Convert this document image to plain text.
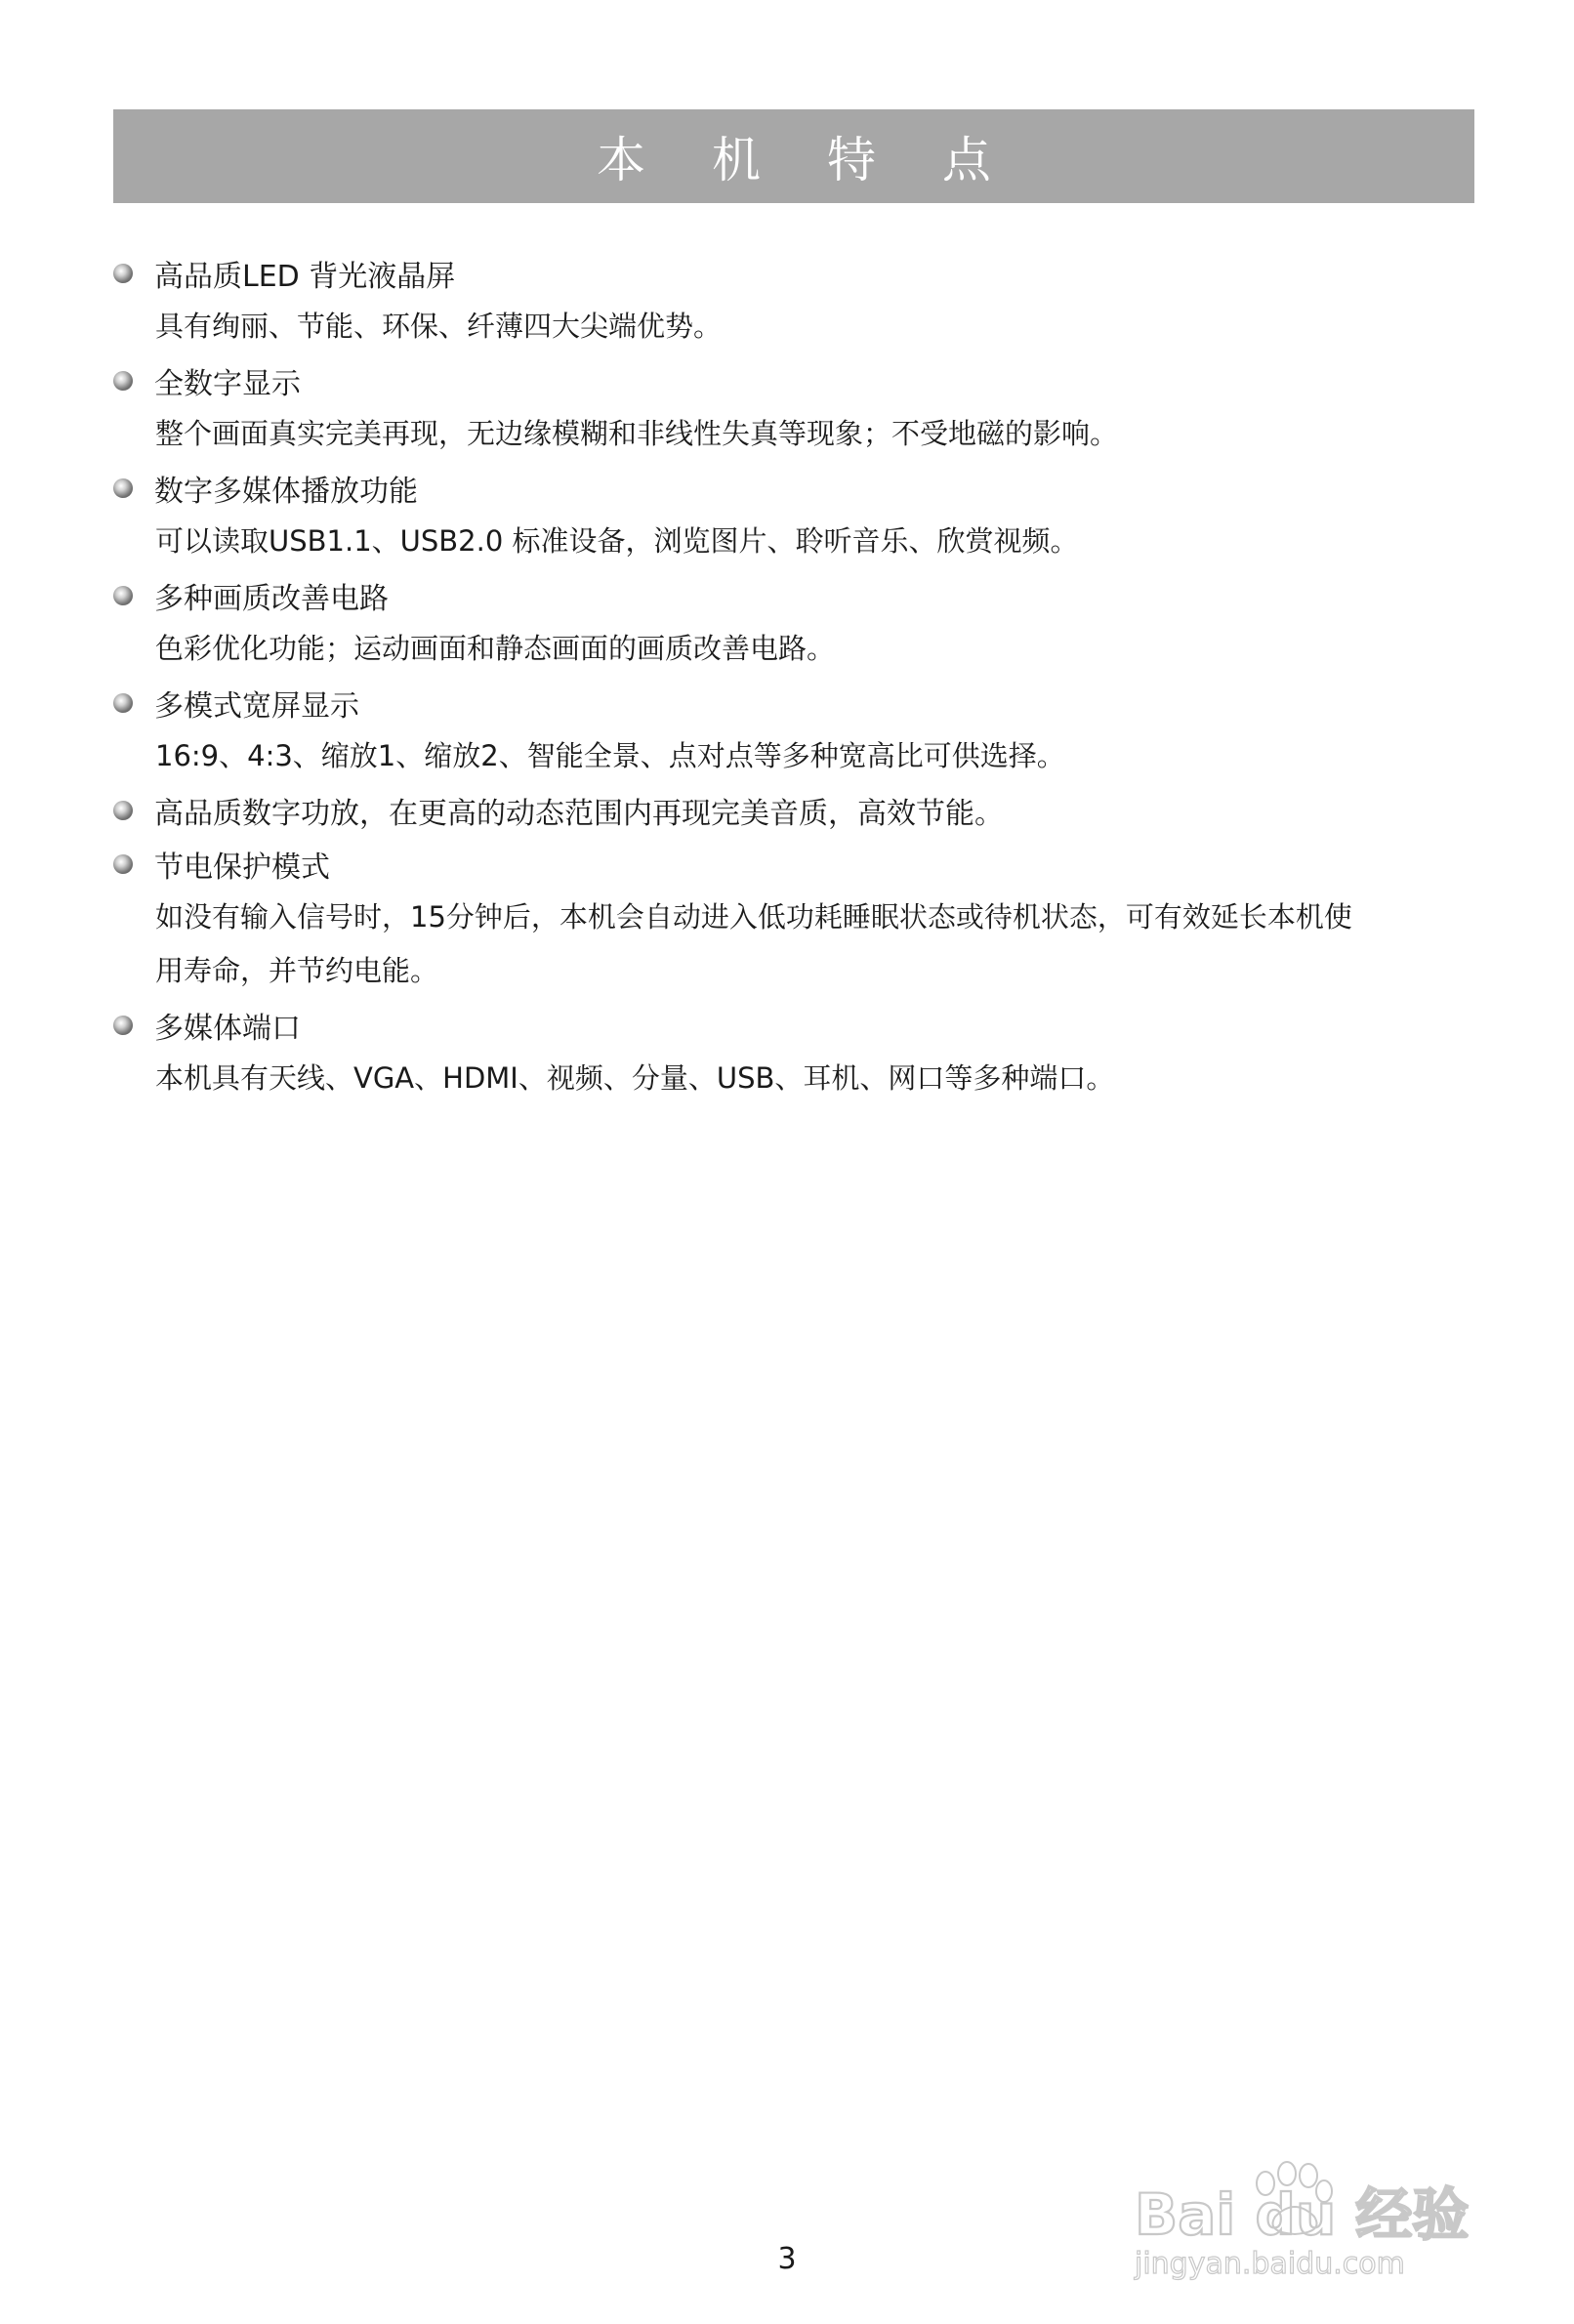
本 机 特 点
高品质LED 背光液晶屏
具有绚丽、节能、环保、纤薄四大尖端优势。
全数字显示
整个画面真实完美再现，无边缘模糊和非线性失真等现象；不受地磁的影响。
数字多媒体播放功能
可以读取USB1.1、USB2.0 标准设备，浏览图片、聆听音乐、欣赏视频。
多种画质改善电路
色彩优化功能；运动画面和静态画面的画质改善电路。
多模式宽屏显示
16:9、4:3、缩放1、缩放2、智能全景、点对点等多种宽高比可供选择。
高品质数字功放，在更高的动态范围内再现完美音质，高效节能。
节电保护模式
如没有输入信号时，15分钟后，本机会自动进入低功耗睡眠状态或待机状态，可有效延长本机使
用寿命，并节约电能。
多媒体端口
本机具有天线、VGA、HDMI、视频、分量、USB、耳机、网口等多种端口。
Bai du 经验
jingyan.baidu.com
3
